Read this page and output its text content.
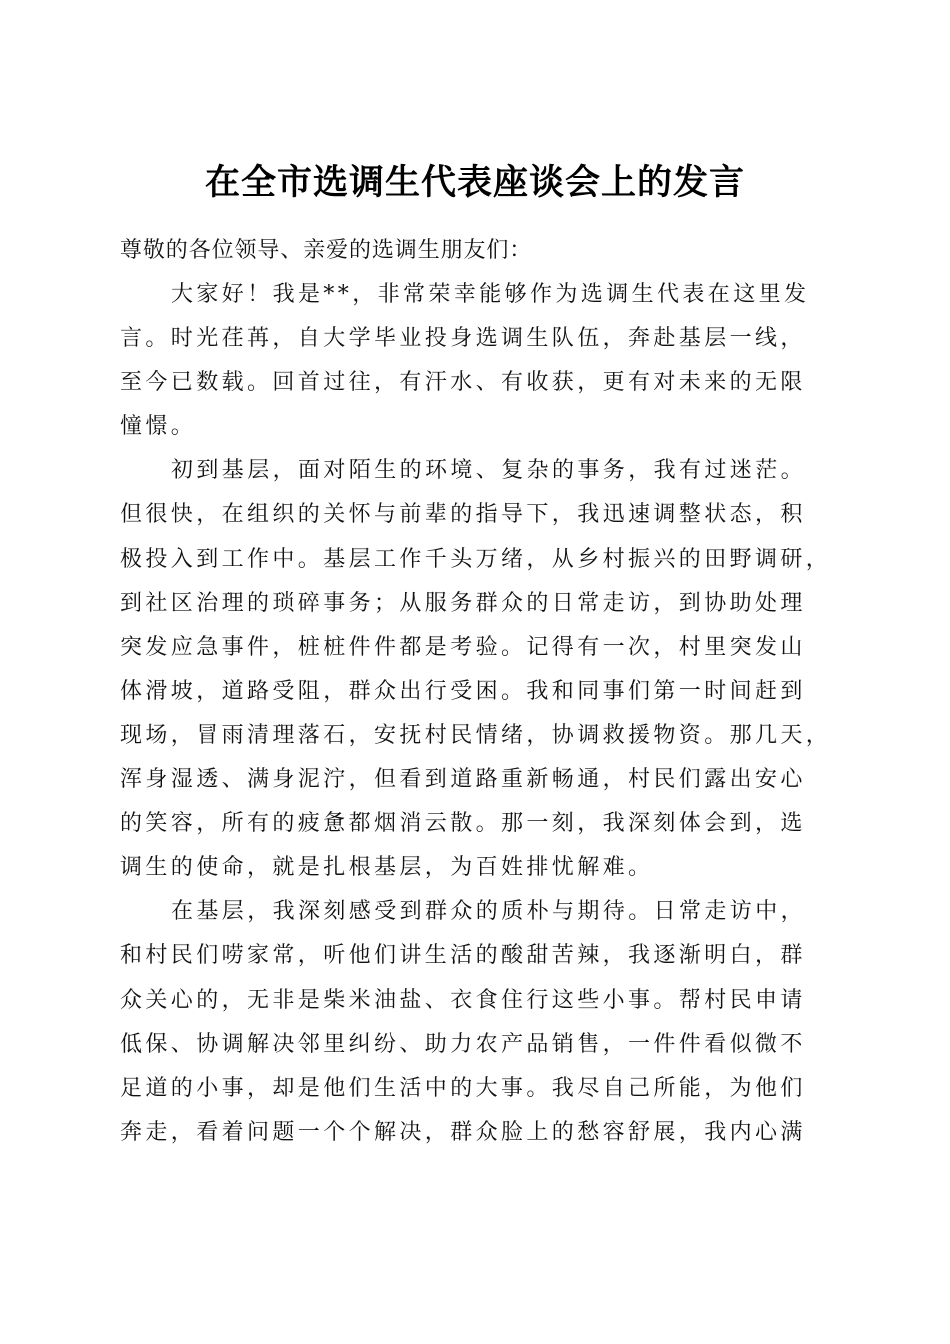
在全市选调生代表座谈会上的发言

尊敬的各位领导、亲爱的选调生朋友们：

大家好！我是**，非常荣幸能够作为选调生代表在这里发
言。时光荏苒，自大学毕业投身选调生队伍，奔赴基层一线，
至今已数载。回首过往，有汗水、有收获，更有对未来的无限
憧憬。

初到基层，面对陌生的环境、复杂的事务，我有过迷茫。
但很快，在组织的关怀与前辈的指导下，我迅速调整状态，积
极投入到工作中。基层工作千头万绪，从乡村振兴的田野调研，
到社区治理的琐碎事务；从服务群众的日常走访，到协助处理
突发应急事件，桩桩件件都是考验。记得有一次，村里突发山
体滑坡，道路受阻，群众出行受困。我和同事们第一时间赶到
现场，冒雨清理落石，安抚村民情绪，协调救援物资。那几天，
浑身湿透、满身泥泞，但看到道路重新畅通，村民们露出安心
的笑容，所有的疲惫都烟消云散。那一刻，我深刻体会到，选
调生的使命，就是扎根基层，为百姓排忧解难。

在基层，我深刻感受到群众的质朴与期待。日常走访中，
和村民们唠家常，听他们讲生活的酸甜苦辣，我逐渐明白，群
众关心的，无非是柴米油盐、衣食住行这些小事。帮村民申请
低保、协调解决邻里纠纷、助力农产品销售，一件件看似微不
足道的小事，却是他们生活中的大事。我尽自己所能，为他们
奔走，看着问题一个个解决，群众脸上的愁容舒展，我内心满
